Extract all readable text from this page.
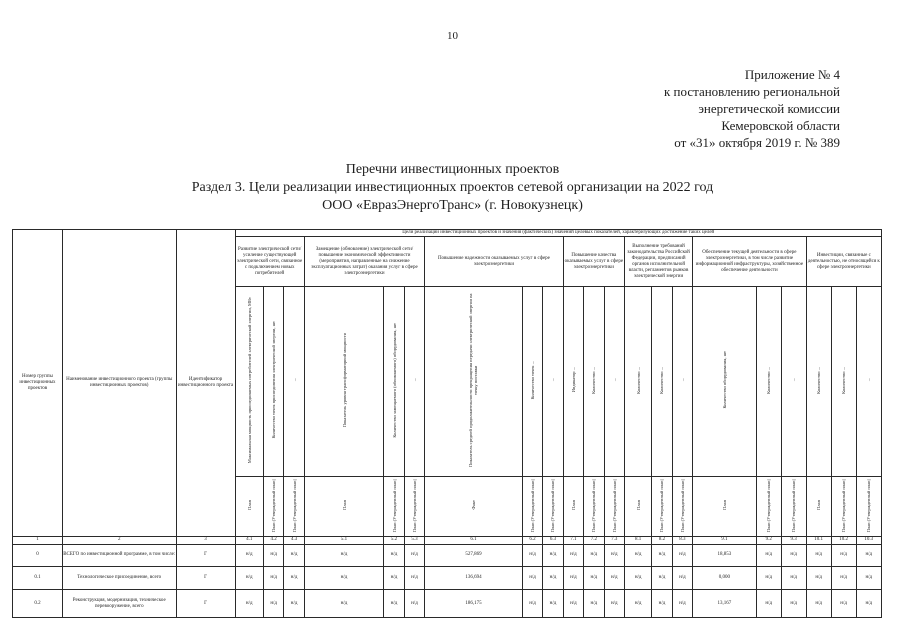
10
Приложение № 4
к постановлению региональной
энергетической комиссии
Кемеровской области
от «31» октября 2019 г. № 389
Перечни инвестиционных проектов
Раздел 3. Цели реализации инвестиционных проектов сетевой организации на 2022 год
ООО «ЕвразЭнергоТранс» (г. Новокузнецк)
Номер группы инвестиционных проектов	Наименование инвестиционного проекта (группы инвестиционных проектов)	Идентификатор инвестиционного проекта	Цели реализации инвестиционных проектов и значения (фактических) значений целевых показателей, характеризующих достижение таких целей																				
			Развитие электрической сети/усиление существующей электрической сети, связанное с подключением новых потребителей			Замещение (обновление) электрической сети/повышение экономической эффективности (мероприятия, направленные на снижение эксплуатационных затрат) оказания услуг в сфере электроэнергетики			Повышение надежности оказываемых услуг в сфере электроэнергетики			Повышение качества оказываемых услуг в сфере электроэнергетики			Выполнение требований законодательства Российской Федерации, предписаний органов исполнительной власти, регламентов рынков электрической энергии			Обеспечение текущей деятельности в сфере электроэнергетики, в том числе развитие информационной инфраструктуры, хозяйственное обеспечение деятельности			Инвестиции, связанные с деятельностью, не относящейся к сфере электроэнергетики		
			Максимальная мощность присоединяемых потребителей электрической энергии, МВт	Количество точек присоединения электрической энергии, шт	...	Показатель уровня трансформаторной мощности	Количество замещаемого (обновляемого) оборудования, шт	...	Показатель средней продолжительности прекращения передачи электрической энергии на точку поставки	Количество точек ...	...	Индикатор ...	Количество ...	...	Количество ...	Количество ...	...	Количество оборудования, шт	Количество ...	...	Количество ...	Количество ...	...
			План	План (Утвержденный план)	План (Утвержденный план)	План	План (Утвержденный план)	План (Утвержденный план)	Факт	План (Утвержденный план)	План (Утвержденный план)	План	План (Утвержденный план)	План (Утвержденный план)	План	План (Утвержденный план)	План (Утвержденный план)	План	План (Утвержденный план)	План (Утвержденный план)	План	План (Утвержденный план)	План (Утвержденный план)
1	2	3	4.1	4.2	4.3	5.1	5.2	5.3	6.1	6.2	6.3	7.1	7.2	7.3	8.1	8.2	8.3	9.1	9.2	9.3	10.1	10.2	10.3
0	ВСЕГО по инвестиционной программе, в том числе:	Г	н/д	н/д	н/д	н/д	н/д	н/д	527,869	н/д	н/д	н/д	н/д	н/д	н/д	н/д	н/д	18,853	н/д	н/д	н/д	н/д	н/д
0.1	Технологическое присоединение, всего	Г	н/д	н/д	н/д	н/д	н/д	н/д	136,694	н/д	н/д	н/д	н/д	н/д	н/д	н/д	н/д	0,000	н/д	н/д	н/д	н/д	н/д
0.2	Реконструкция, модернизация, техническое перевооружение, всего	Г	н/д	н/д	н/д	н/д	н/д	н/д	186,175	н/д	н/д	н/д	н/д	н/д	н/д	н/д	н/д	13,167	н/д	н/д	н/д	н/д	н/д
